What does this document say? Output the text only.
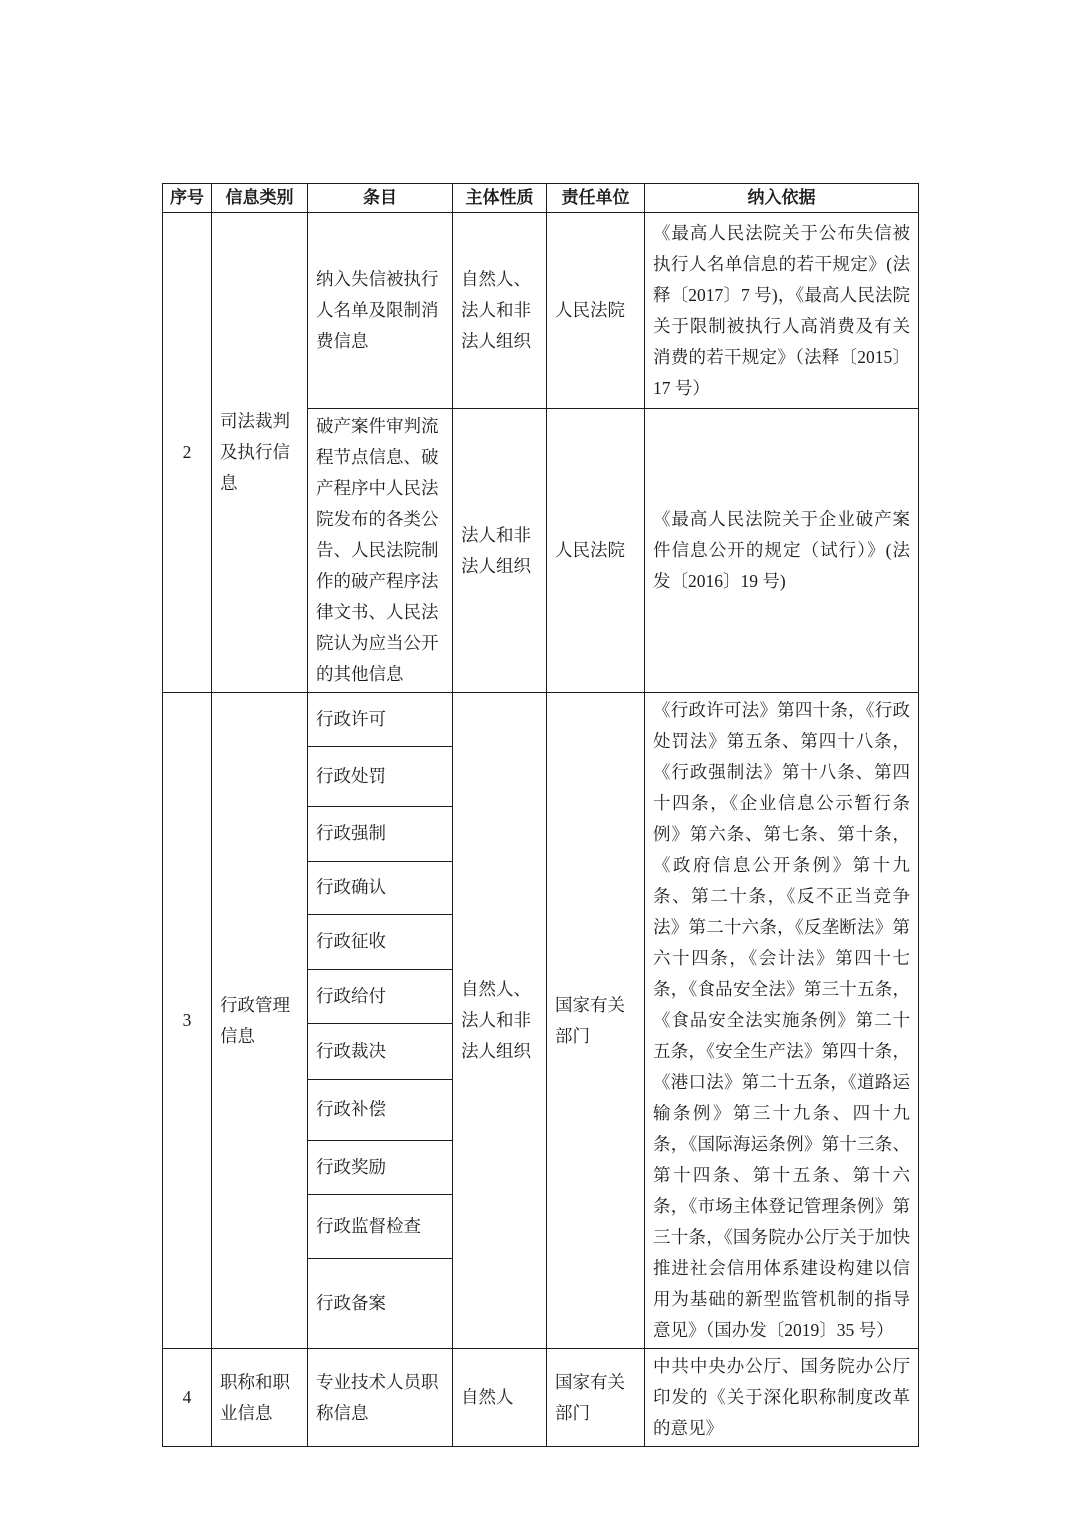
序号	信息类别	条目	主体性质	责任单位	纳入依据
2	司法裁判及执行信息	纳入失信被执行人名单及限制消费信息	自然人、法人和非法人组织	人民法院	《最高人民法院关于公布失信被执行人名单信息的若干规定》(法释〔2017〕7 号)，《最高人民法院关于限制被执行人高消费及有关消费的若干规定》（法释〔2015〕17 号）
		破产案件审判流程节点信息、破产程序中人民法院发布的各类公告、人民法院制作的破产程序法律文书、人民法院认为应当公开的其他信息	法人和非法人组织	人民法院	《最高人民法院关于企业破产案件信息公开的规定（试行）》(法发〔2016〕19 号)
3	行政管理信息	行政许可	自然人、法人和非法人组织	国家有关部门	《行政许可法》第四十条，《行政处罚法》第五条、第四十八条，《行政强制法》第十八条、第四十四条，《企业信息公示暂行条例》第六条、第七条、第十条，《政府信息公开条例》第十九条、第二十条，《反不正当竞争法》第二十六条，《反垄断法》第六十四条，《会计法》第四十七条，《食品安全法》第三十五条，《食品安全法实施条例》第二十五条，《安全生产法》第四十条，《港口法》第二十五条，《道路运输条例》第三十九条、四十九条，《国际海运条例》第十三条、第十四条、第十五条、第十六条，《市场主体登记管理条例》第三十条，《国务院办公厅关于加快推进社会信用体系建设构建以信用为基础的新型监管机制的指导意见》（国办发〔2019〕35 号）
		行政处罚			
		行政强制			
		行政确认			
		行政征收			
		行政给付			
		行政裁决			
		行政补偿			
		行政奖励			
		行政监督检查			
		行政备案			
4	职称和职业信息	专业技术人员职称信息	自然人	国家有关部门	中共中央办公厅、国务院办公厅印发的《关于深化职称制度改革的意见》
